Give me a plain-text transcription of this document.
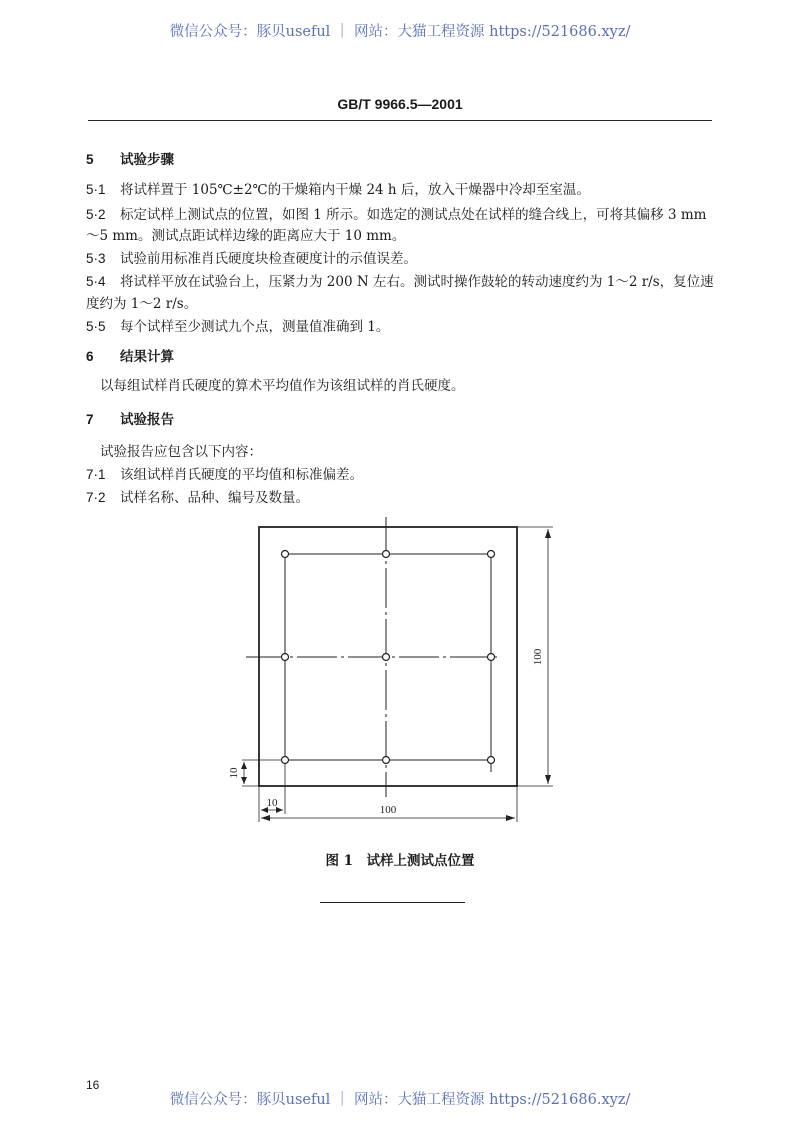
微信公众号：豚贝useful ｜ 网站：大猫工程资源 https://521686.xyz/
GB/T 9966.5—2001
5 试验步骤
5·1 将试样置于 105℃±2℃的干燥箱内干燥 24 h 后，放入干燥器中冷却至室温。
5·2 标定试样上测试点的位置，如图 1 所示。如选定的测试点处在试样的缝合线上，可将其偏移 3 mm
～5 mm。测试点距试样边缘的距离应大于 10 mm。
5·3 试验前用标准肖氏硬度块检查硬度计的示值误差。
5·4 将试样平放在试验台上，压紧力为 200 N 左右。测试时操作鼓轮的转动速度约为 1～2 r/s，复位速
度约为 1～2 r/s。
5·5 每个试样至少测试九个点，测量值准确到 1。
6 结果计算
以每组试样肖氏硬度的算术平均值作为该组试样的肖氏硬度。
7 试验报告
试验报告应包含以下内容：
7·1 该组试样肖氏硬度的平均值和标准偏差。
7·2 试样名称、品种、编号及数量。
100
10
10
100
图 1　试样上测试点位置
16
微信公众号：豚贝useful ｜ 网站：大猫工程资源 https://521686.xyz/
